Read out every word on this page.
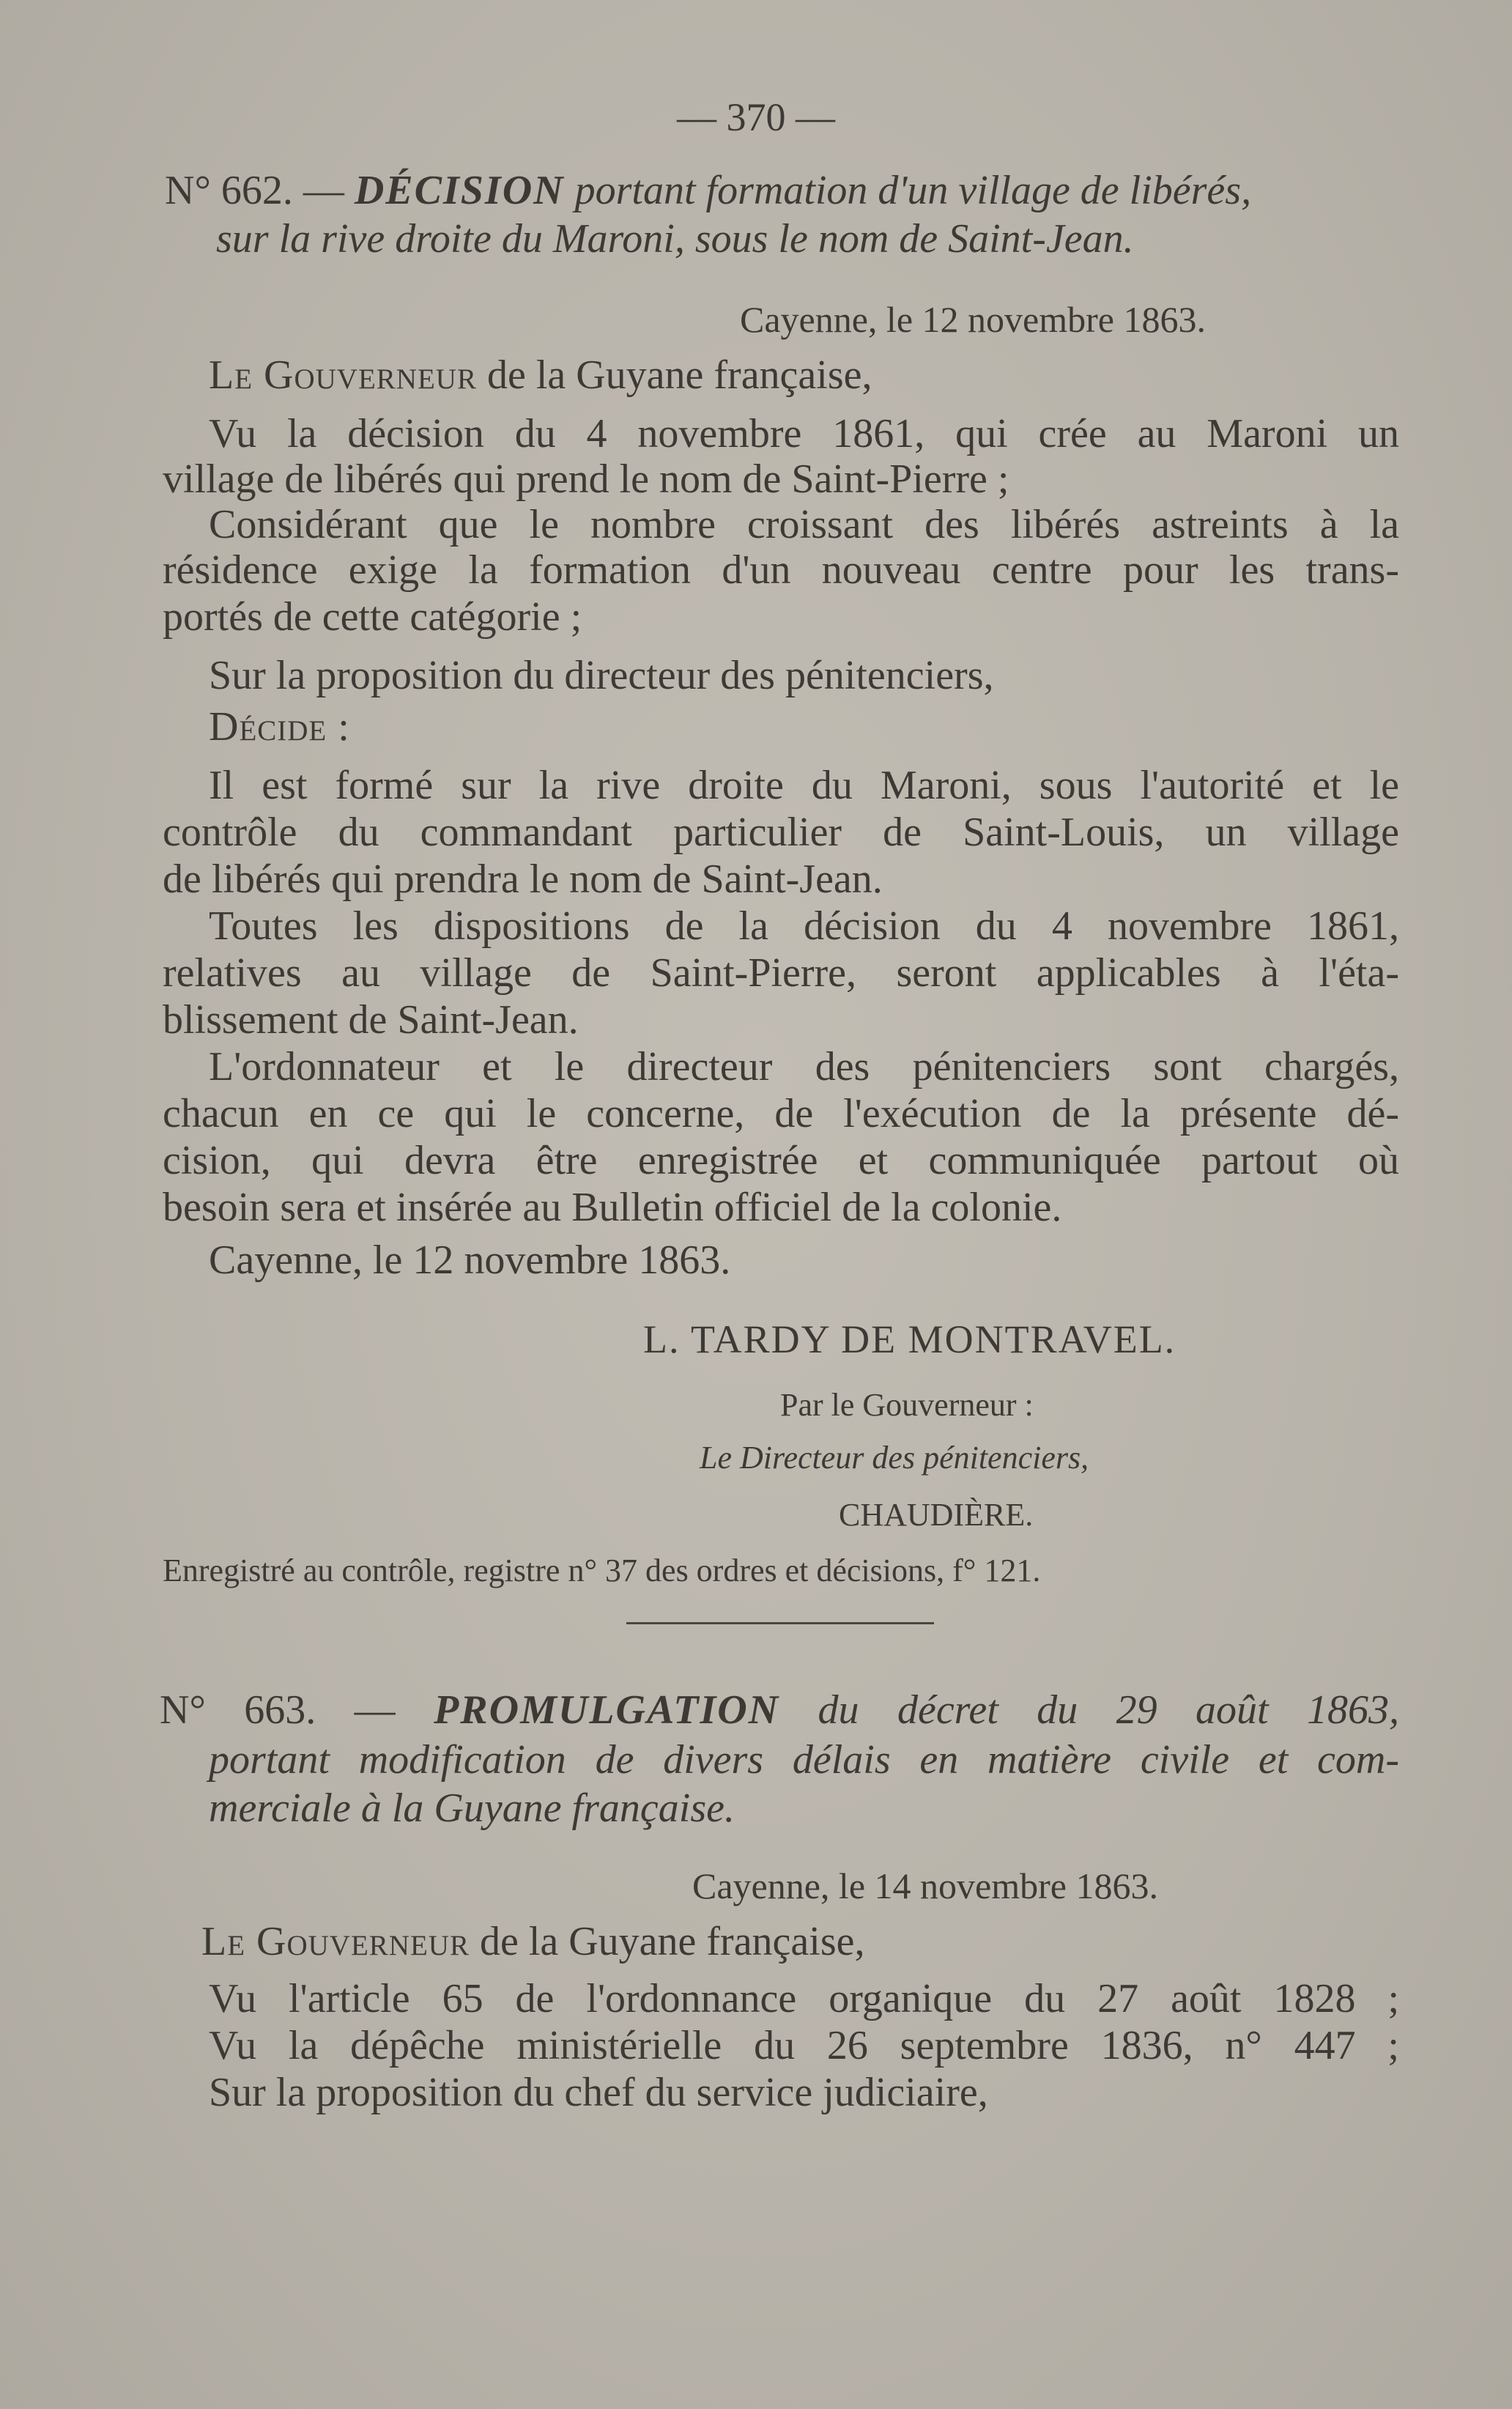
— 370 —
N° 662. — DÉCISION portant formation d'un village de libérés,
sur la rive droite du Maroni, sous le nom de Saint-Jean.
Cayenne, le 12 novembre 1863.
Le Gouverneur de la Guyane française,
Vu la décision du 4 novembre 1861, qui crée au Maroni un
village de libérés qui prend le nom de Saint-Pierre ;
Considérant que le nombre croissant des libérés astreints à la
résidence exige la formation d'un nouveau centre pour les trans-
portés de cette catégorie ;
Sur la proposition du directeur des pénitenciers,
Décide :
Il est formé sur la rive droite du Maroni, sous l'autorité et le
contrôle du commandant particulier de Saint-Louis, un village
de libérés qui prendra le nom de Saint-Jean.
Toutes les dispositions de la décision du 4 novembre 1861,
relatives au village de Saint-Pierre, seront applicables à l'éta-
blissement de Saint-Jean.
L'ordonnateur et le directeur des pénitenciers sont chargés,
chacun en ce qui le concerne, de l'exécution de la présente dé-
cision, qui devra être enregistrée et communiquée partout où
besoin sera et insérée au Bulletin officiel de la colonie.
Cayenne, le 12 novembre 1863.
L. TARDY DE MONTRAVEL.
Par le Gouverneur :
Le Directeur des pénitenciers,
CHAUDIÈRE.
Enregistré au contrôle, registre n° 37 des ordres et décisions, f° 121.
N° 663. — PROMULGATION du décret du 29 août 1863,
portant modification de divers délais en matière civile et com-
merciale à la Guyane française.
Cayenne, le 14 novembre 1863.
Le Gouverneur de la Guyane française,
Vu l'article 65 de l'ordonnance organique du 27 août 1828 ;
Vu la dépêche ministérielle du 26 septembre 1836, n° 447 ;
Sur la proposition du chef du service judiciaire,
